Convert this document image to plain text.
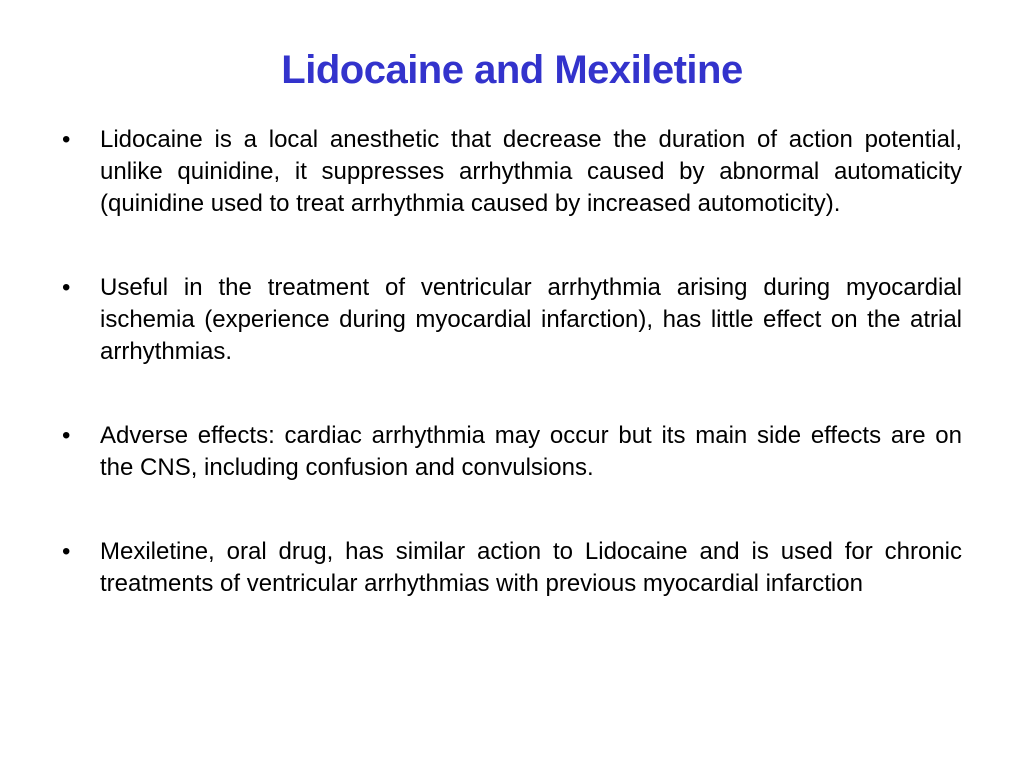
Lidocaine and Mexiletine
• Lidocaine is a local anesthetic that decrease the duration of action potential, unlike quinidine, it suppresses arrhythmia caused by abnormal automaticity (quinidine used to treat arrhythmia caused by increased automoticity).
• Useful in the treatment of ventricular arrhythmia arising during myocardial ischemia (experience during myocardial infarction), has little effect on the atrial arrhythmias.
• Adverse effects: cardiac arrhythmia may occur but its main side effects are on the CNS, including confusion and convulsions.
• Mexiletine, oral drug, has similar action to Lidocaine and is used for chronic treatments of ventricular arrhythmias with previous myocardial infarction
